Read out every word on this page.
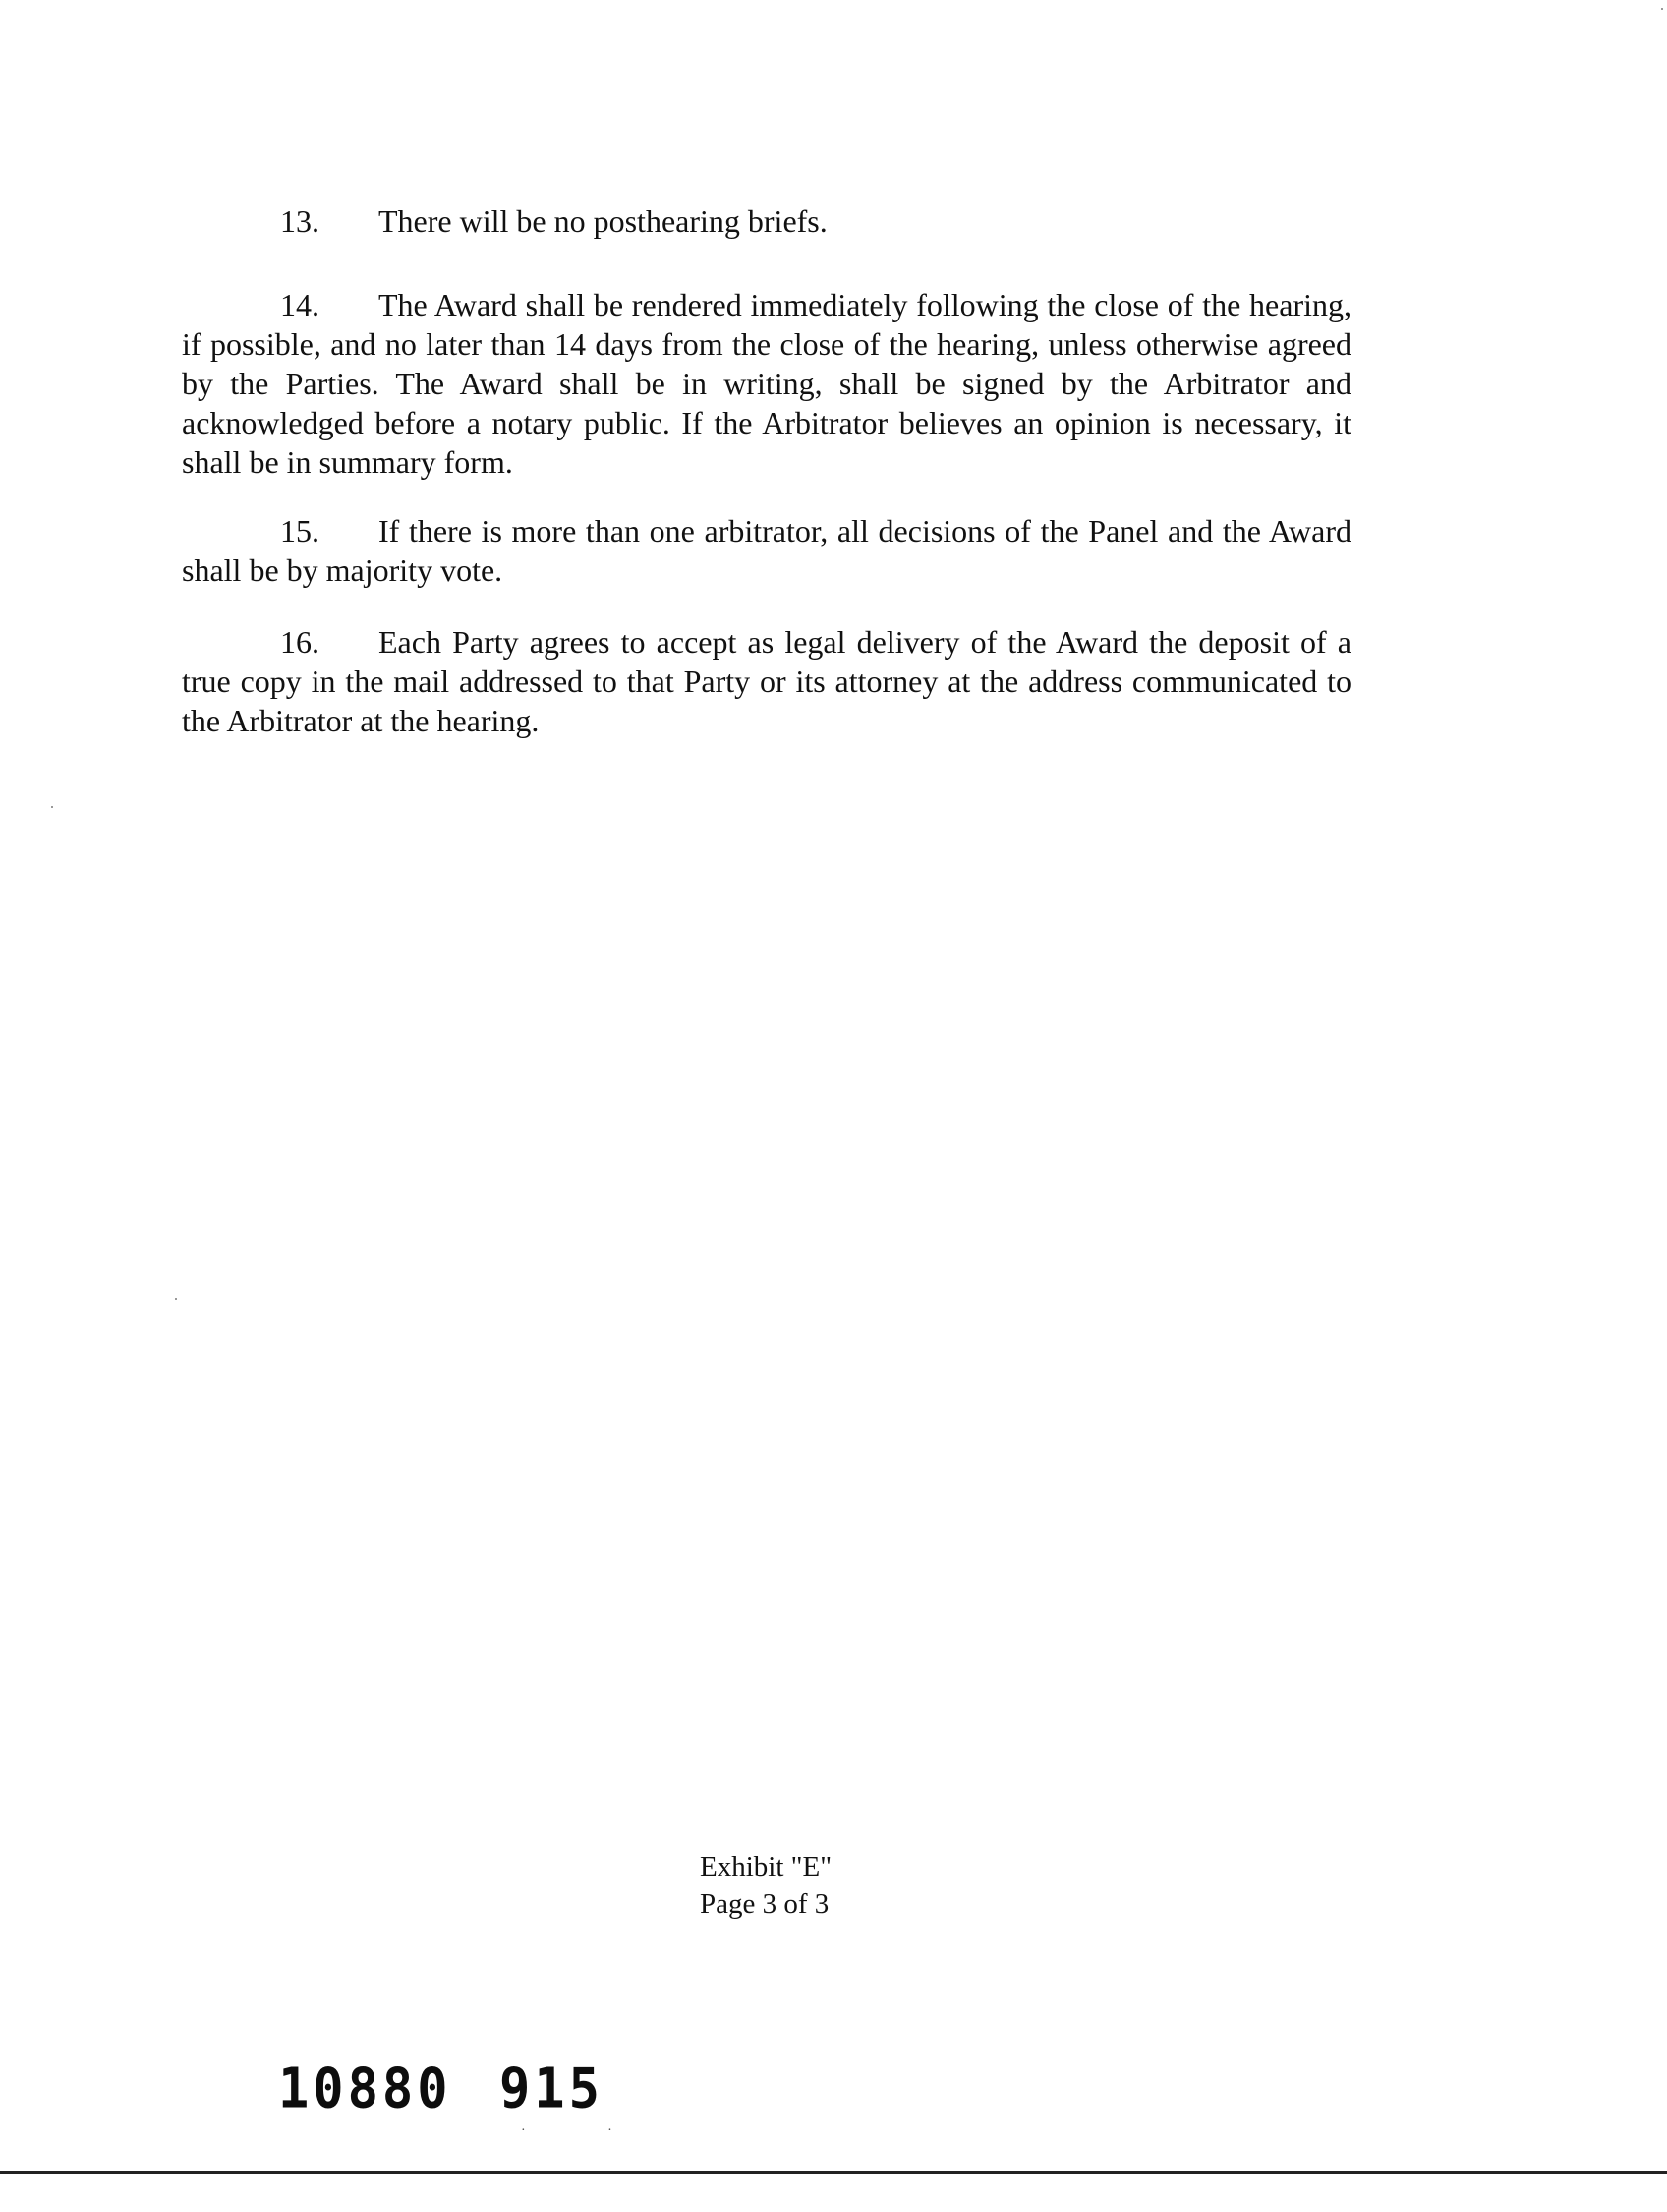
13. There will be no posthearing briefs.

14. The Award shall be rendered immediately following the close of the hearing, if possible, and no later than 14 days from the close of the hearing, unless otherwise agreed by the Parties. The Award shall be in writing, shall be signed by the Arbitrator and acknowledged before a notary public. If the Arbitrator believes an opinion is necessary, it shall be in summary form.

15. If there is more than one arbitrator, all decisions of the Panel and the Award shall be by majority vote.

16. Each Party agrees to accept as legal delivery of the Award the deposit of a true copy in the mail addressed to that Party or its attorney at the address communicated to the Arbitrator at the hearing.

Exhibit "E"
Page 3 of 3
10880 915
· ·
